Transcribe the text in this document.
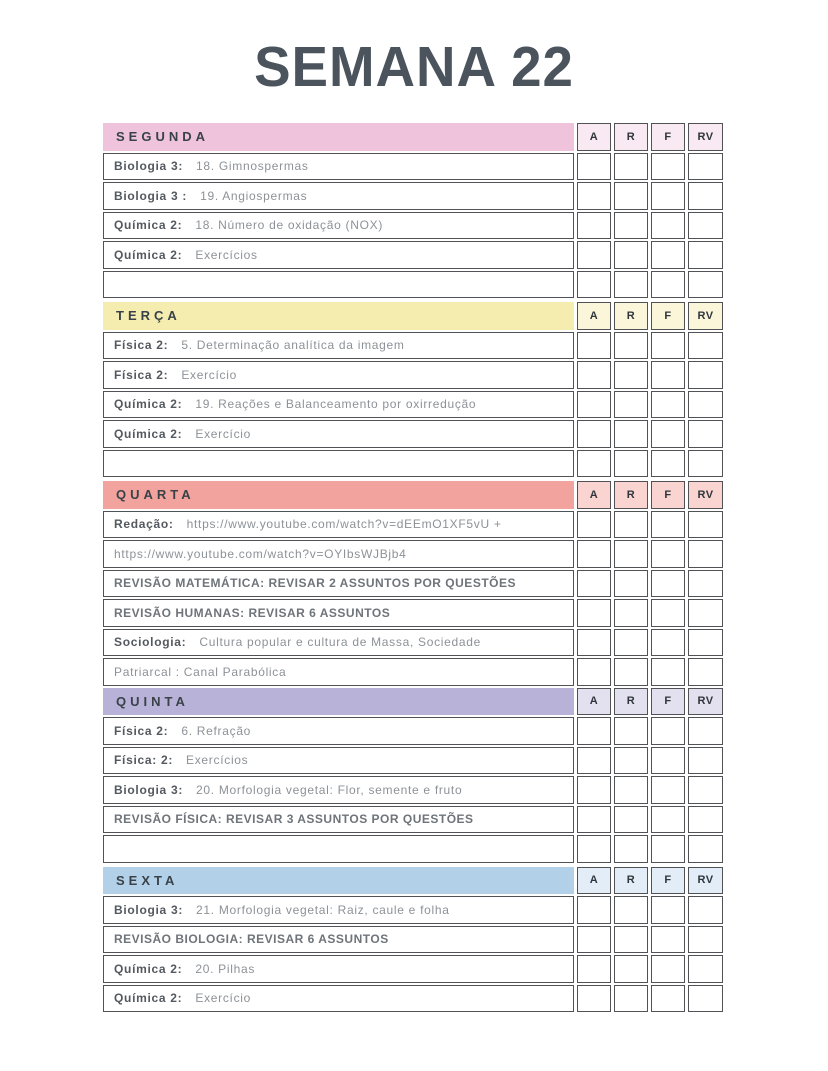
SEMANA 22
SEGUNDA	A	R	F RV
Biologia 3: 18. Gimnospermas
Biologia 3 : 19. Angiospermas
Química 2: 18. Número de oxidação (NOX)
Química 2: Exercícios
TERÇA	A	R	F RV
Física 2: 5. Determinação analítica da imagem
Física 2: Exercício
Química 2: 19. Reações e Balanceamento por oxirredução
Química 2: Exercício
QUARTA	A	R	F RV
Redação: https://www.youtube.com/watch?v=dEEmO1XF5vU +
https://www.youtube.com/watch?v=OYIbsWJBjb4
REVISÃO MATEMÁTICA: REVISAR 2 ASSUNTOS POR QUESTÕES
REVISÃO HUMANAS: REVISAR 6 ASSUNTOS
Sociologia: Cultura popular e cultura de Massa, Sociedade
Patriarcal : Canal Parabólica
QUINTA	A	R	F RV
Física 2: 6. Refração
Física: 2: Exercícios
Biologia 3: 20. Morfologia vegetal: Flor, semente e fruto
REVISÃO FÍSICA: REVISAR 3 ASSUNTOS POR QUESTÕES
SEXTA	A	R	F RV
Biologia 3: 21. Morfologia vegetal: Raiz, caule e folha
REVISÃO BIOLOGIA: REVISAR 6 ASSUNTOS
Química 2: 20. Pilhas
Química 2: Exercício
